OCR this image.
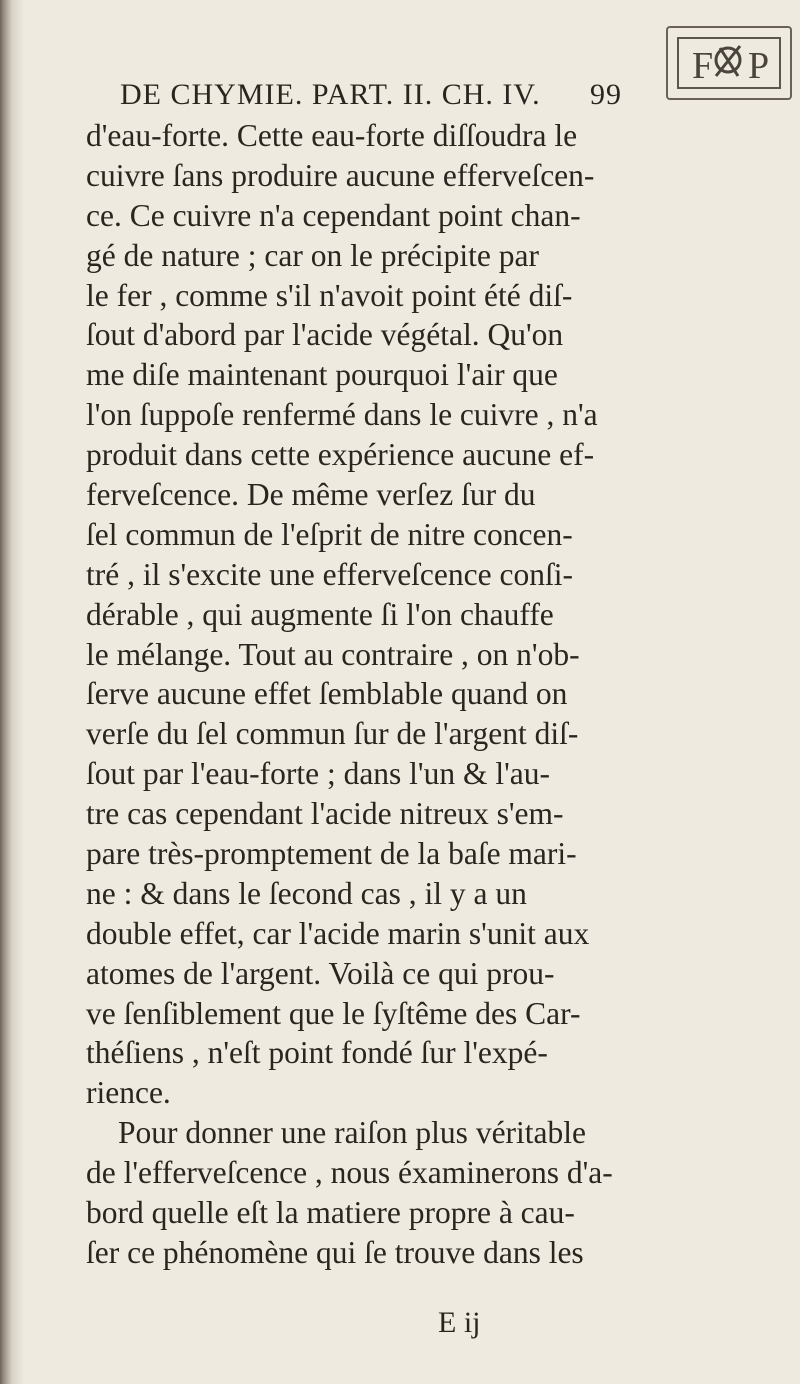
F P
DE CHYMIE. PART. II. CH. IV. 99
d'eau-forte. Cette eau-forte diſſoudra le
cuivre ſans produire aucune efferveſcen-
ce. Ce cuivre n'a cependant point chan-
gé de nature ; car on le précipite par
le fer , comme s'il n'avoit point été diſ-
ſout d'abord par l'acide végétal. Qu'on
me diſe maintenant pourquoi l'air que
l'on ſuppoſe renfermé dans le cuivre , n'a
produit dans cette expérience aucune ef-
ferveſcence. De même verſez ſur du
ſel commun de l'eſprit de nitre concen-
tré , il s'excite une efferveſcence conſi-
dérable , qui augmente ſi l'on chauffe
le mélange. Tout au contraire , on n'ob-
ſerve aucune effet ſemblable quand on
verſe du ſel commun ſur de l'argent diſ-
ſout par l'eau-forte ; dans l'un & l'au-
tre cas cependant l'acide nitreux s'em-
pare très-promptement de la baſe mari-
ne : & dans le ſecond cas , il y a un
double effet, car l'acide marin s'unit aux
atomes de l'argent. Voilà ce qui prou-
ve ſenſiblement que le ſyſtême des Car-
théſiens , n'eſt point fondé ſur l'expé-
rience.
Pour donner une raiſon plus véritable
de l'efferveſcence , nous éxaminerons d'a-
bord quelle eſt la matiere propre à cau-
ſer ce phénomène qui ſe trouve dans les
E ij
